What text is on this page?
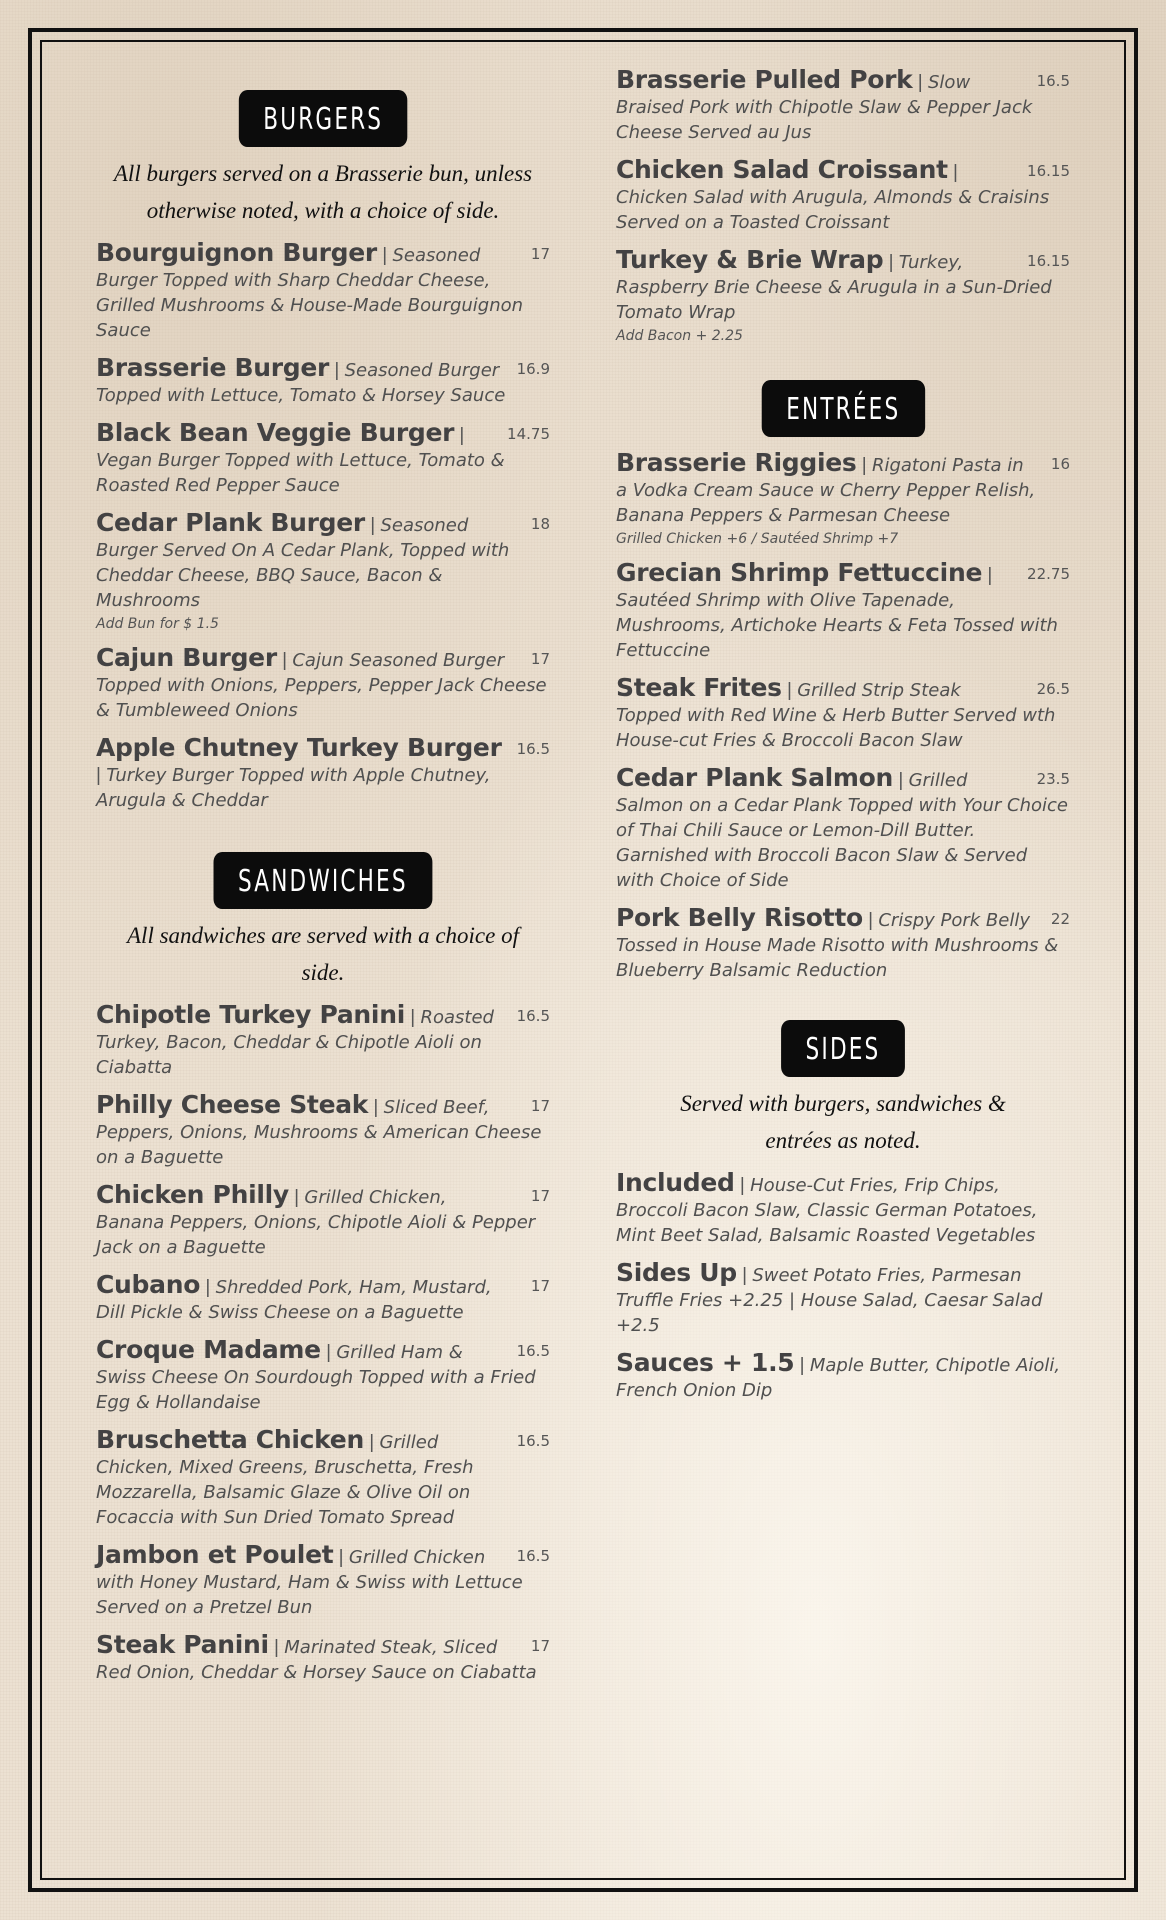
BURGERS
All burgers served on a Brasserie bun, unless otherwise noted, with a choice of side.
Bourguignon Burger | Seasoned Burger Topped with Sharp Cheddar Cheese, Grilled Mushrooms & House-Made Bourguignon Sauce
17
Brasserie Burger | Seasoned Burger Topped with Lettuce, Tomato & Horsey Sauce
16.9
Black Bean Veggie Burger | Vegan Burger Topped with Lettuce, Tomato & Roasted Red Pepper Sauce
14.75
Cedar Plank Burger | Seasoned Burger Served On A Cedar Plank, Topped with Cheddar Cheese, BBQ Sauce, Bacon & Mushrooms
Add Bun for $ 1.5
18
Cajun Burger | Cajun Seasoned Burger Topped with Onions, Peppers, Pepper Jack Cheese & Tumbleweed Onions
17
Apple Chutney Turkey Burger | Turkey Burger Topped with Apple Chutney, Arugula & Cheddar
16.5
SANDWICHES
All sandwiches are served with a choice of side.
Chipotle Turkey Panini | Roasted Turkey, Bacon, Cheddar & Chipotle Aioli on Ciabatta
16.5
Philly Cheese Steak | Sliced Beef, Peppers, Onions, Mushrooms & American Cheese on a Baguette
17
Chicken Philly | Grilled Chicken, Banana Peppers, Onions, Chipotle Aioli & Pepper Jack on a Baguette
17
Cubano | Shredded Pork, Ham, Mustard, Dill Pickle & Swiss Cheese on a Baguette
17
Croque Madame | Grilled Ham & Swiss Cheese On Sourdough Topped with a Fried Egg & Hollandaise
16.5
Bruschetta Chicken | Grilled Chicken, Mixed Greens, Bruschetta, Fresh Mozzarella, Balsamic Glaze & Olive Oil on Focaccia with Sun Dried Tomato Spread
16.5
Jambon et Poulet | Grilled Chicken with Honey Mustard, Ham & Swiss with Lettuce Served on a Pretzel Bun
16.5
Steak Panini | Marinated Steak, Sliced Red Onion, Cheddar & Horsey Sauce on Ciabatta
17
Brasserie Pulled Pork | Slow Braised Pork with Chipotle Slaw & Pepper Jack Cheese Served au Jus
16.5
Chicken Salad Croissant | Chicken Salad with Arugula, Almonds & Craisins Served on a Toasted Croissant
16.15
Turkey & Brie Wrap | Turkey, Raspberry Brie Cheese & Arugula in a Sun-Dried Tomato Wrap
Add Bacon + 2.25
16.15
ENTRÉES
Brasserie Riggies | Rigatoni Pasta in a Vodka Cream Sauce w Cherry Pepper Relish, Banana Peppers & Parmesan Cheese
Grilled Chicken +6 / Sautéed Shrimp +7
16
Grecian Shrimp Fettuccine | Sautéed Shrimp with Olive Tapenade, Mushrooms, Artichoke Hearts & Feta Tossed with Fettuccine
22.75
Steak Frites | Grilled Strip Steak Topped with Red Wine & Herb Butter Served wth House-cut Fries & Broccoli Bacon Slaw
26.5
Cedar Plank Salmon | Grilled Salmon on a Cedar Plank Topped with Your Choice of Thai Chili Sauce or Lemon-Dill Butter. Garnished with Broccoli Bacon Slaw & Served with Choice of Side
23.5
Pork Belly Risotto | Crispy Pork Belly Tossed in House Made Risotto with Mushrooms & Blueberry Balsamic Reduction
22
SIDES
Served with burgers, sandwiches & entrées as noted.
Included | House-Cut Fries, Frip Chips, Broccoli Bacon Slaw, Classic German Potatoes, Mint Beet Salad, Balsamic Roasted Vegetables
Sides Up | Sweet Potato Fries, Parmesan Truffle Fries +2.25 | House Salad, Caesar Salad +2.5
Sauces + 1.5 | Maple Butter, Chipotle Aioli, French Onion Dip
